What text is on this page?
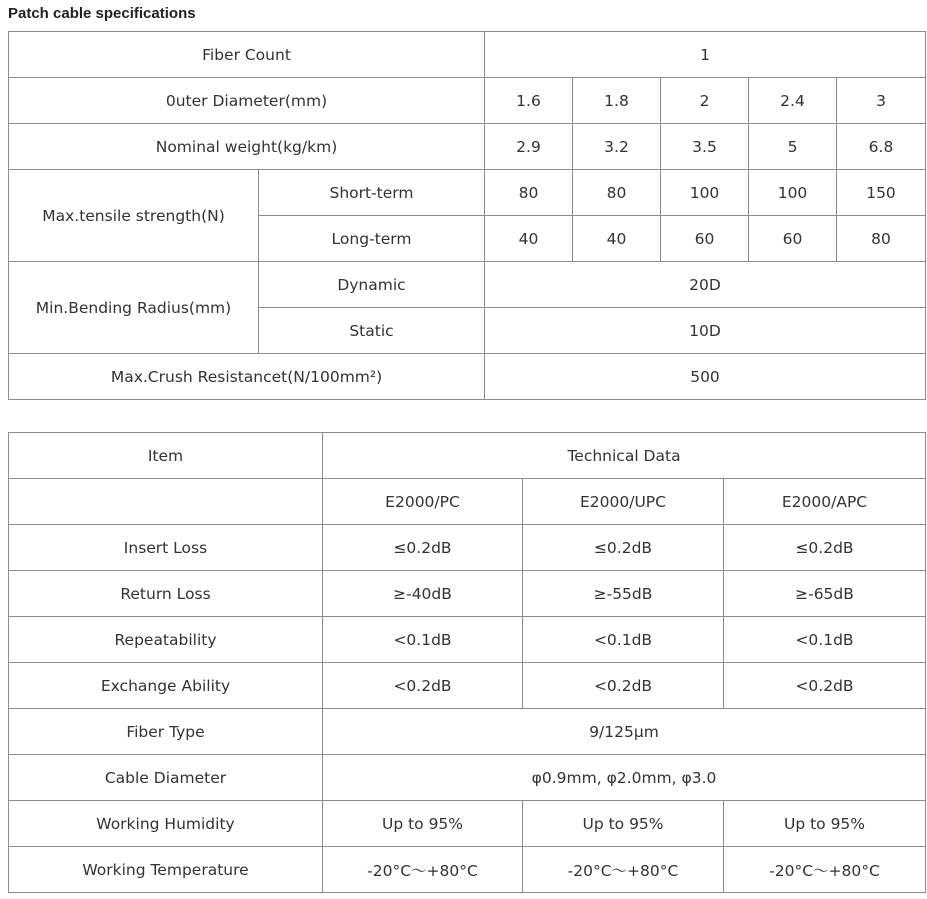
Patch cable specifications
Fiber Count		1				
0uter Diameter(mm)		1.6	1.8	2	2.4	3
Nominal weight(kg/km)		2.9	3.2	3.5	5	6.8
Max.tensile strength(N)	Short-term	80	80	100	100	150
	Long-term	40	40	60	60	80
Min.Bending Radius(mm)	Dynamic	20D				
	Static	10D				
Max.Crush Resistancet(N/100mm²)		500				
Item	Technical Data		
	E2000/PC	E2000/UPC	E2000/APC
Insert Loss	≤0.2dB	≤0.2dB	≤0.2dB
Return Loss	≥-40dB	≥-55dB	≥-65dB
Repeatability	<0.1dB	<0.1dB	<0.1dB
Exchange Ability	<0.2dB	<0.2dB	<0.2dB
Fiber Type	9/125μm		
Cable Diameter	φ0.9mm, φ2.0mm, φ3.0		
Working Humidity	Up to 95%	Up to 95%	Up to 95%
Working Temperature	-20°C～+80°C	-20°C～+80°C	-20°C～+80°C
